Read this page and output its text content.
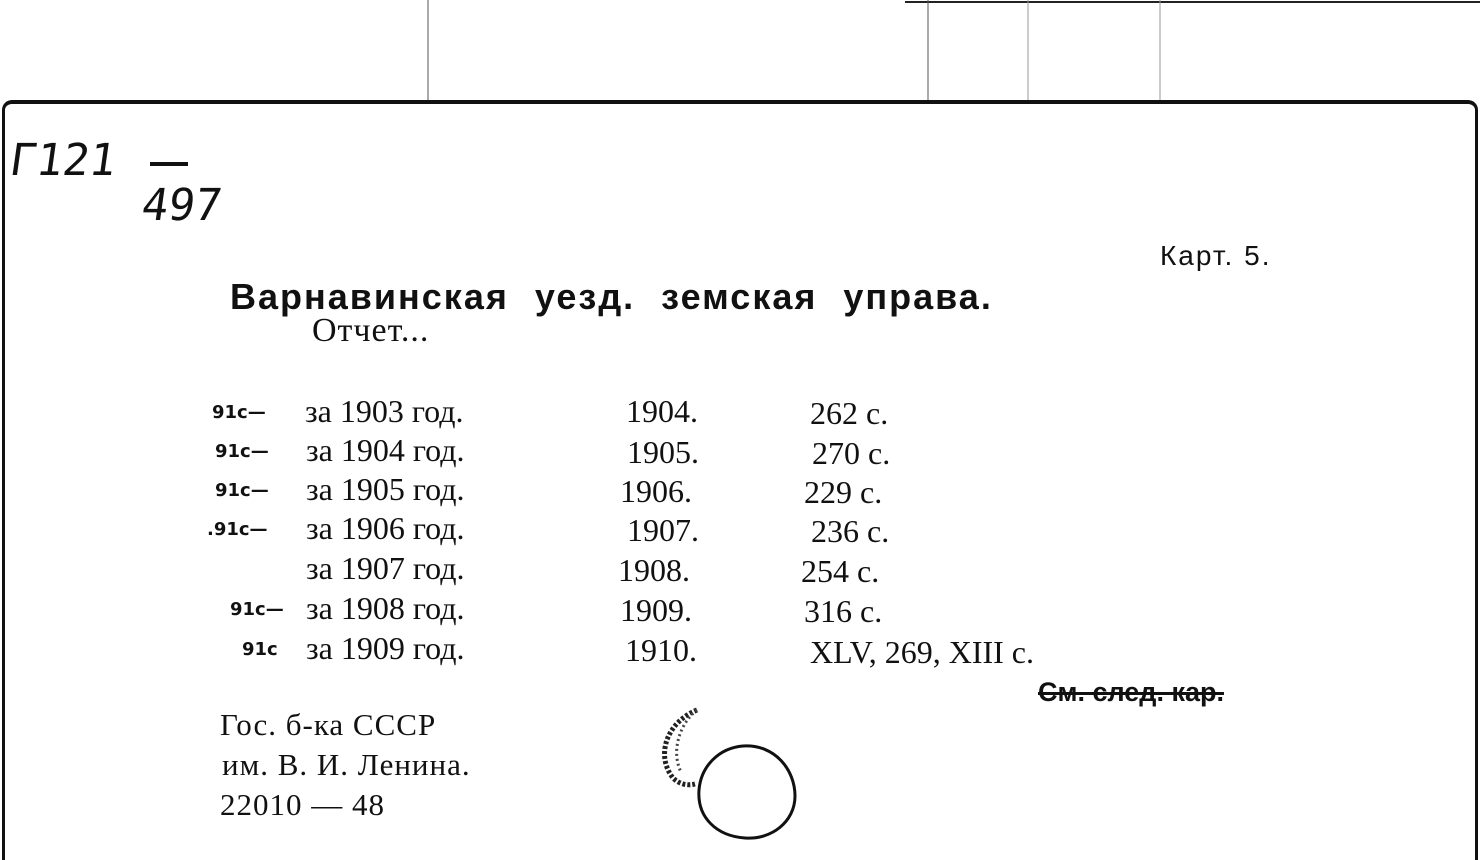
Г121
497
Карт. 5.
Варнавинская уезд. земская управа.
Отчет...
91с— за 1903 год.	1904.	262 с.
91с— за 1904 год.	1905.	270 с.
91с— за 1905 год.	1906.	229 с.
.91с— за 1906 год.	1907.	236 с.
за 1907 год.	1908.	254 с.
91с— за 1908 год.	1909.	316 с.
91с за 1909 год.	1910.	XLV, 269, XIII с.
См. след. кар.
Гос. б-ка СССР
им. В. И. Ленина.
22010 — 48
